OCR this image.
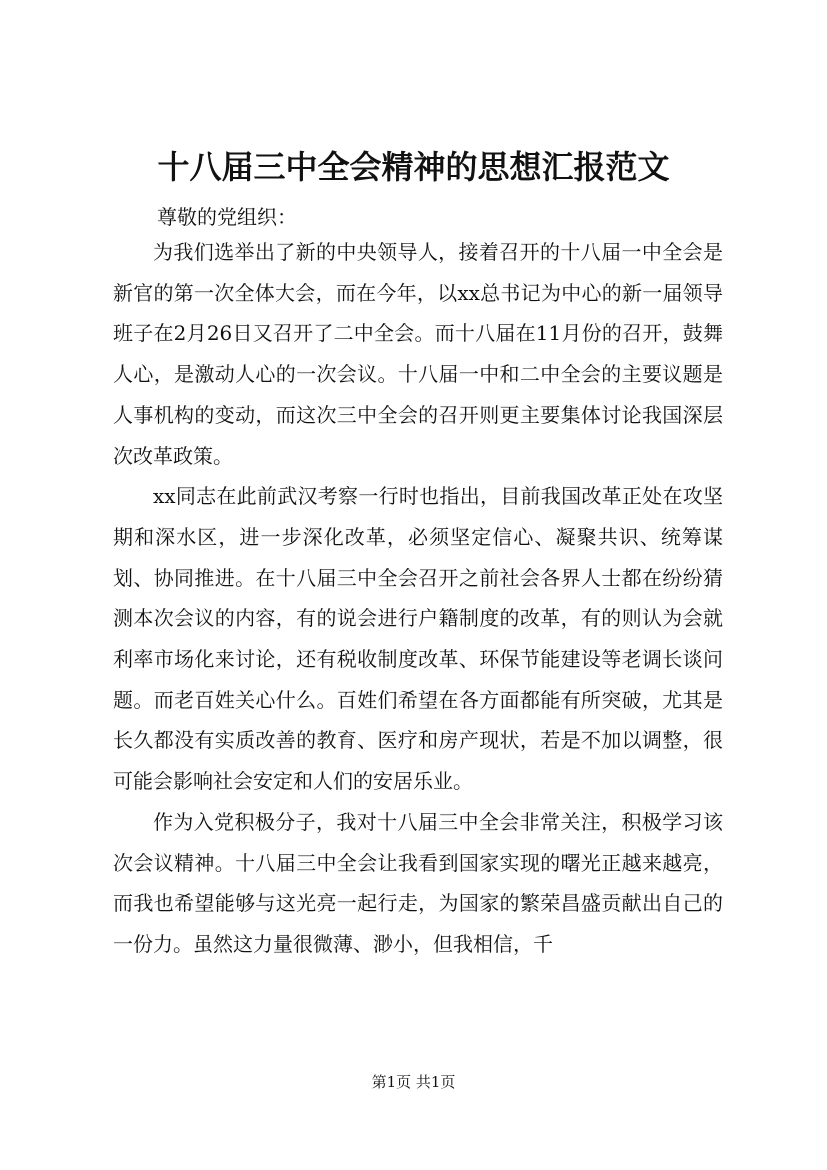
十八届三中全会精神的思想汇报范文
尊敬的党组织：

为我们选举出了新的中央领导人，接着召开的十八届一中全会是新官的第一次全体大会，而在今年，以xx总书记为中心的新一届领导班子在2月26日又召开了二中全会。而十八届在11月份的召开，鼓舞人心，是激动人心的一次会议。十八届一中和二中全会的主要议题是人事机构的变动，而这次三中全会的召开则更主要集体讨论我国深层次改革政策。

xx同志在此前武汉考察一行时也指出，目前我国改革正处在攻坚期和深水区，进一步深化改革，必须坚定信心、凝聚共识、统筹谋划、协同推进。在十八届三中全会召开之前社会各界人士都在纷纷猜测本次会议的内容，有的说会进行户籍制度的改革，有的则认为会就利率市场化来讨论，还有税收制度改革、环保节能建设等老调长谈问题。而老百姓关心什么。百姓们希望在各方面都能有所突破，尤其是长久都没有实质改善的教育、医疗和房产现状，若是不加以调整，很可能会影响社会安定和人们的安居乐业。

作为入党积极分子，我对十八届三中全会非常关注，积极学习该次会议精神。十八届三中全会让我看到国家实现的曙光正越来越亮，而我也希望能够与这光亮一起行走，为国家的繁荣昌盛贡献出自己的一份力。虽然这力量很微薄、渺小，但我相信，千

第1页 共1页
